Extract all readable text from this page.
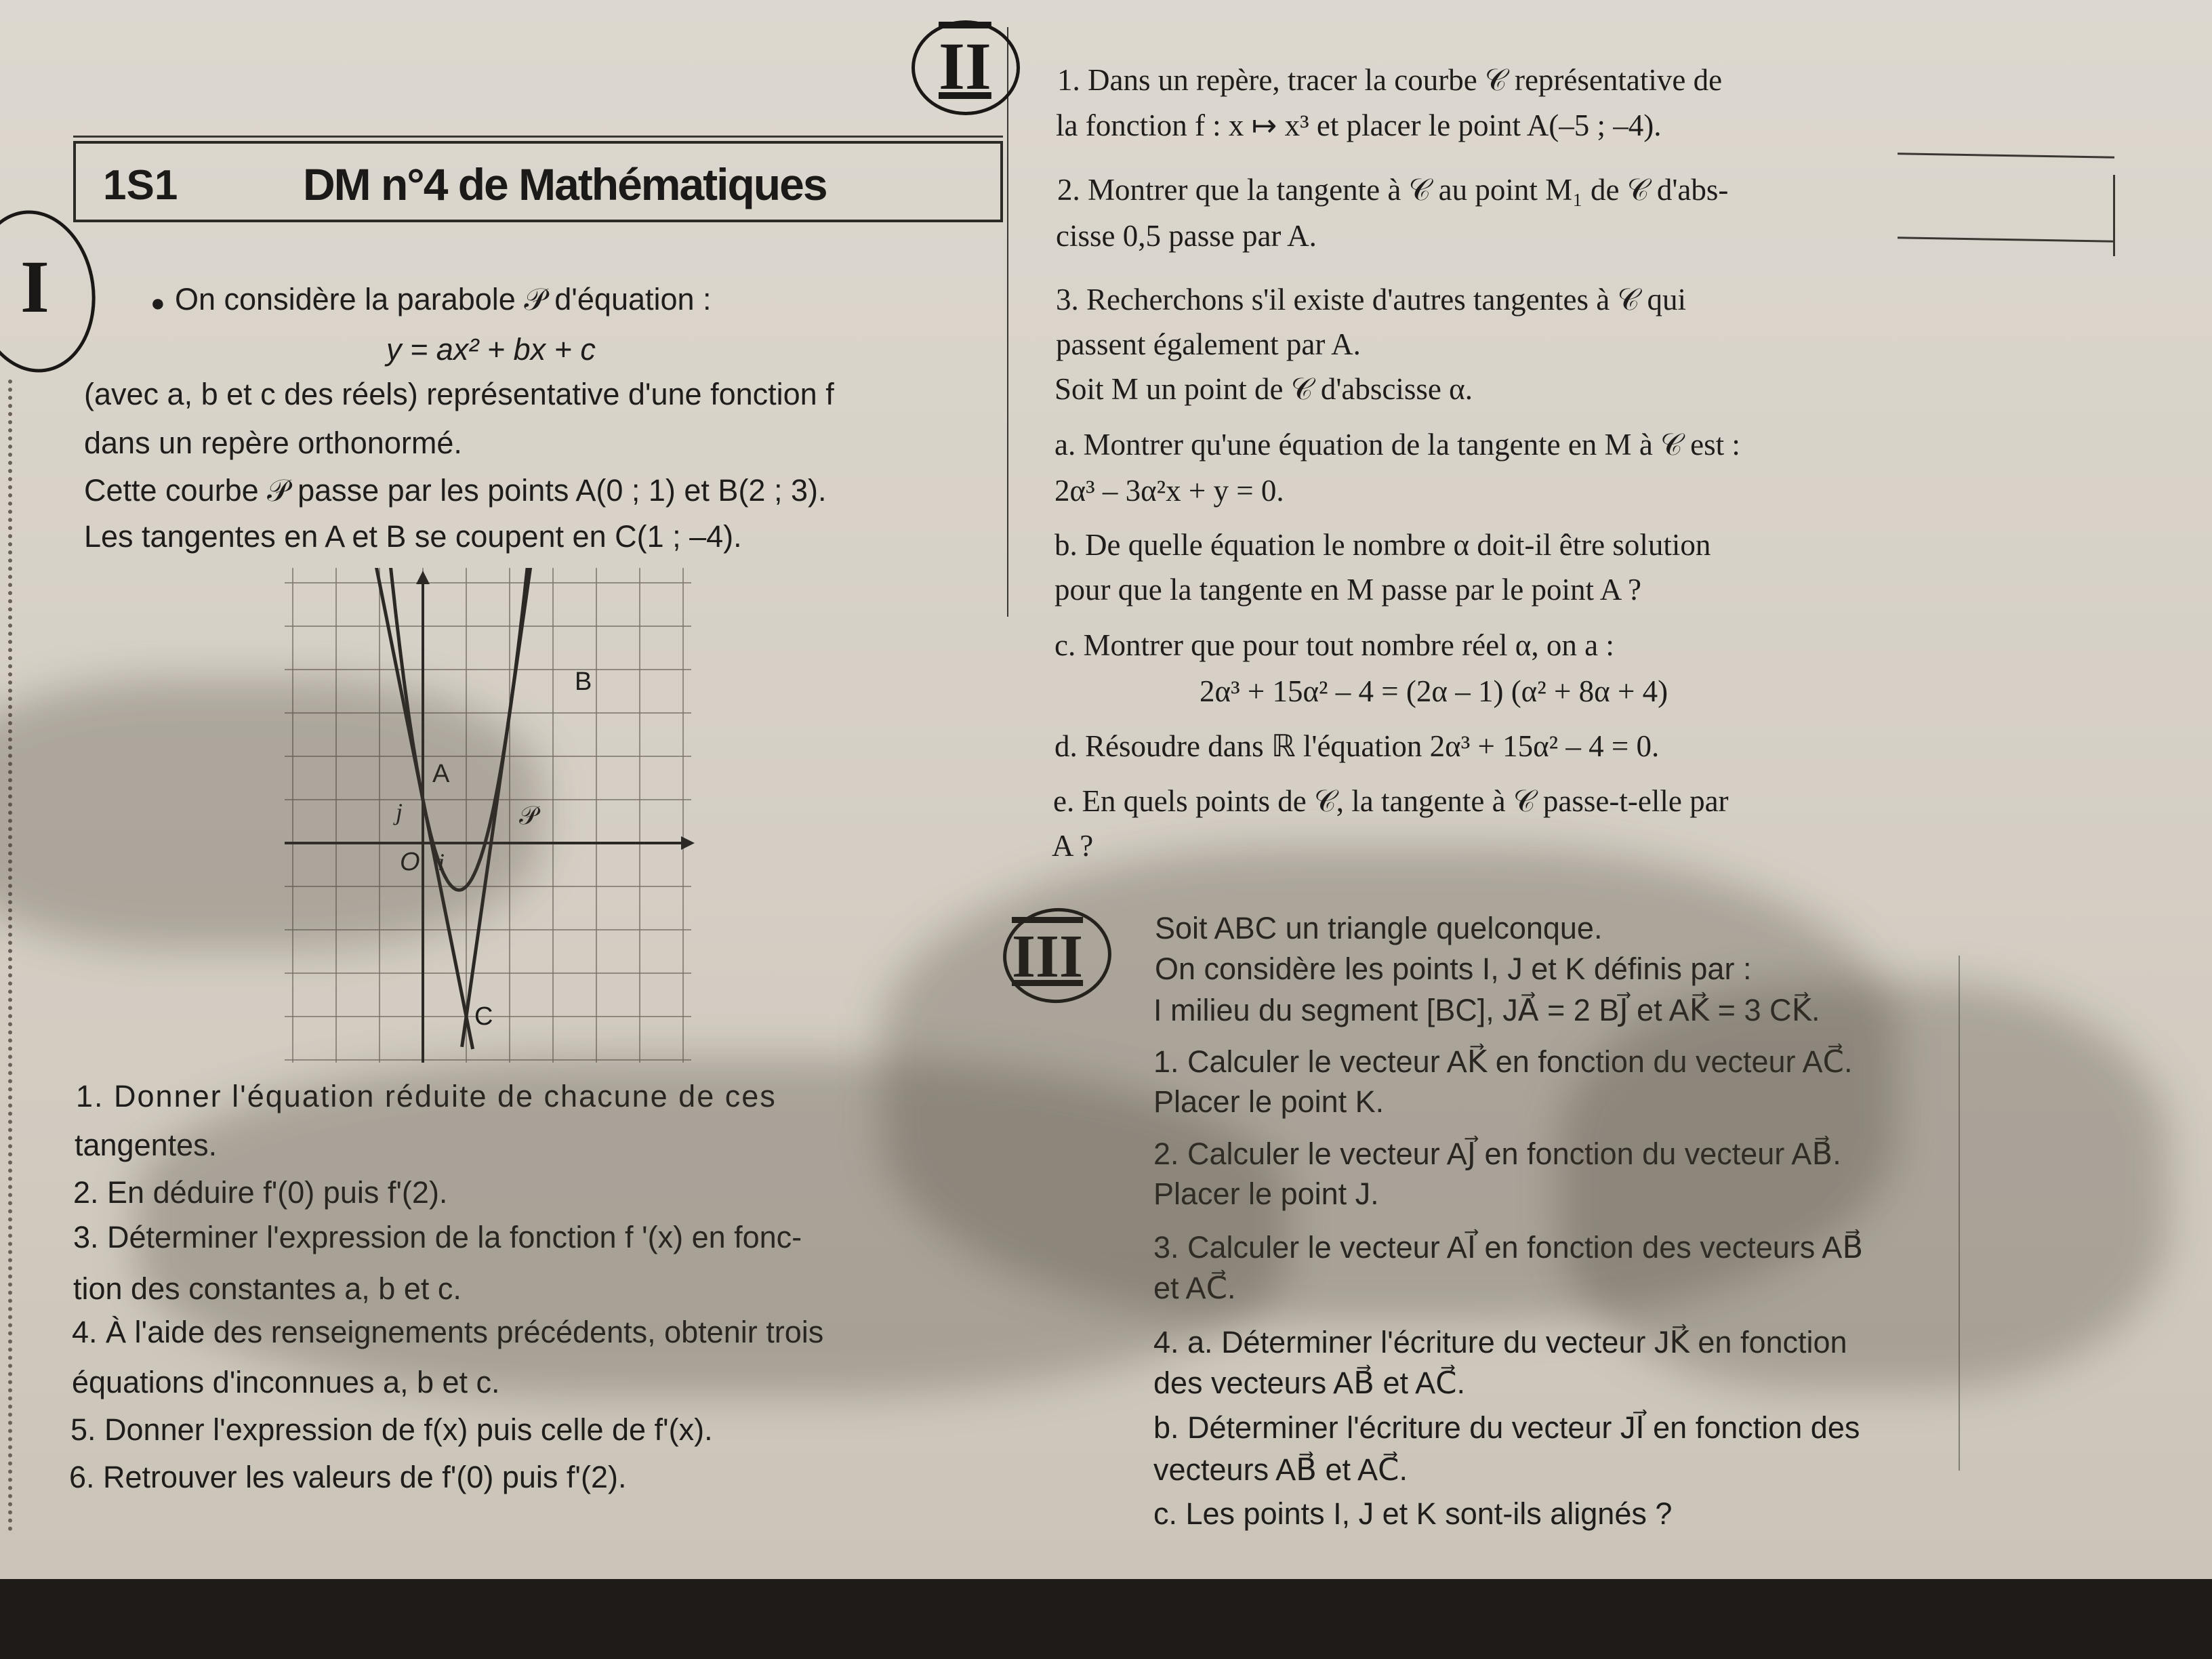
1S1	DM n°4 de Mathématiques
I
II
III
● On considère la parabole 𝒫 d'équation :
y = ax² + bx + c
(avec a, b et c des réels) représentative d'une fonction f
dans un repère orthonormé.
Cette courbe 𝒫 passe par les points A(0 ; 1) et B(2 ; 3).
Les tangentes en A et B se coupent en C(1 ; –4).
B
A
𝒫
j
O i
C
1. Donner l'équation réduite de chacune de ces
tangentes.
2. En déduire f'(0) puis f'(2).
3. Déterminer l'expression de la fonction f '(x) en fonc-
tion des constantes a, b et c.
4. À l'aide des renseignements précédents, obtenir trois
équations d'inconnues a, b et c.
5. Donner l'expression de f(x) puis celle de f'(x).
6. Retrouver les valeurs de f'(0) puis f'(2).
1. Dans un repère, tracer la courbe 𝒞 représentative de
la fonction f : x ↦ x³ et placer le point A(–5 ; –4).
2. Montrer que la tangente à 𝒞 au point M₁ de 𝒞 d'abs-
cisse 0,5 passe par A.
3. Recherchons s'il existe d'autres tangentes à 𝒞 qui
passent également par A.
Soit M un point de 𝒞 d'abscisse α.
a. Montrer qu'une équation de la tangente en M à 𝒞 est :
2α³ – 3α²x + y = 0.
b. De quelle équation le nombre α doit-il être solution
pour que la tangente en M passe par le point A ?
c. Montrer que pour tout nombre réel α, on a :
2α³ + 15α² – 4 = (2α – 1) (α² + 8α + 4)
d. Résoudre dans ℝ l'équation 2α³ + 15α² – 4 = 0.
e. En quels points de 𝒞, la tangente à 𝒞 passe-t-elle par
A ?
Soit ABC un triangle quelconque.
On considère les points I, J et K définis par :
I milieu du segment [BC], JA⃗ = 2 BJ⃗ et AK⃗ = 3 CK⃗.
1. Calculer le vecteur AK⃗ en fonction du vecteur AC⃗.
Placer le point K.
2. Calculer le vecteur AJ⃗ en fonction du vecteur AB⃗.
Placer le point J.
3. Calculer le vecteur AI⃗ en fonction des vecteurs AB⃗
et AC⃗.
4. a. Déterminer l'écriture du vecteur JK⃗ en fonction
des vecteurs AB⃗ et AC⃗.
b. Déterminer l'écriture du vecteur JI⃗ en fonction des
vecteurs AB⃗ et AC⃗.
c. Les points I, J et K sont-ils alignés ?
